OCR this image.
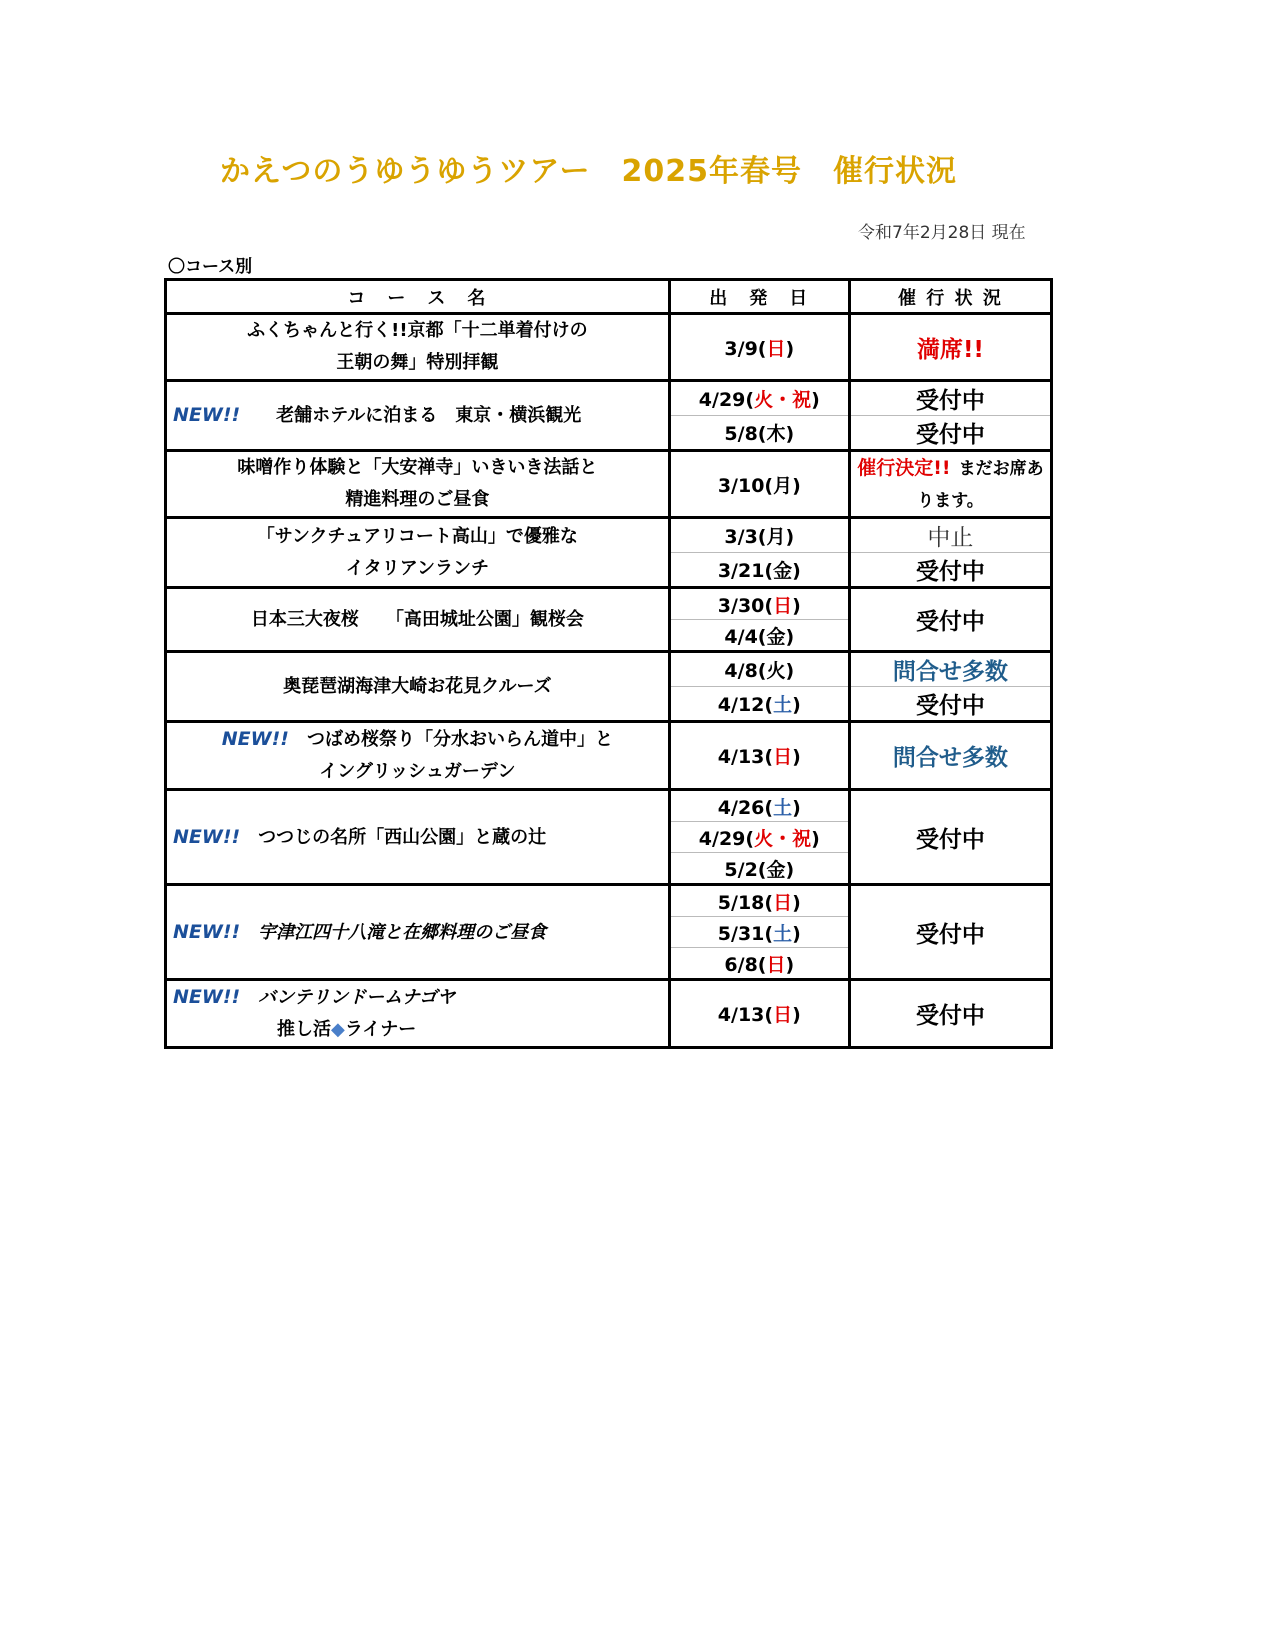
かえつのうゆうゆうツアー　2025年春号　催行状況
令和7年2月28日 現在
〇コース別
コ　ー　ス　名	出　発　日	催 行 状 況

ふくちゃんと行く!!京都「十二単着付けの
王朝の舞」特別拝観	3/9(日)	満席!!
NEW!!　　 老舗ホテルに泊まる　東京・横浜観光	4/29(火・祝)	受付中
	5/8(木)	受付中

味噌作り体験と「大安禅寺」いきいき法話と
精進料理のご昼食	3/10(月)	催行決定!! まだお席あります。

「サンクチュアリコート高山」で優雅な
イタリアンランチ	3/3(月)	中止
	3/21(金)	受付中
日本三大夜桜　　「高田城址公園」観桜会	3/30(日)	受付中
	4/4(金)	
奥琵琶湖海津大崎お花見クルーズ	4/8(火)	問合せ多数
	4/12(土)	受付中

NEW!!　 つばめ桜祭り「分水おいらん道中」と
イングリッシュガーデン	4/13(日)	問合せ多数
NEW!!　 つつじの名所「西山公園」と蔵の辻	4/26(土)	受付中
	4/29(火・祝)	
	5/2(金)	
NEW!!　 宇津江四十八滝と在郷料理のご昼食	5/18(日)	受付中
	5/31(土)	
	6/8(日)	

NEW!!　 バンテリンドームナゴヤ
推し活◆ライナー	4/13(日)	受付中
